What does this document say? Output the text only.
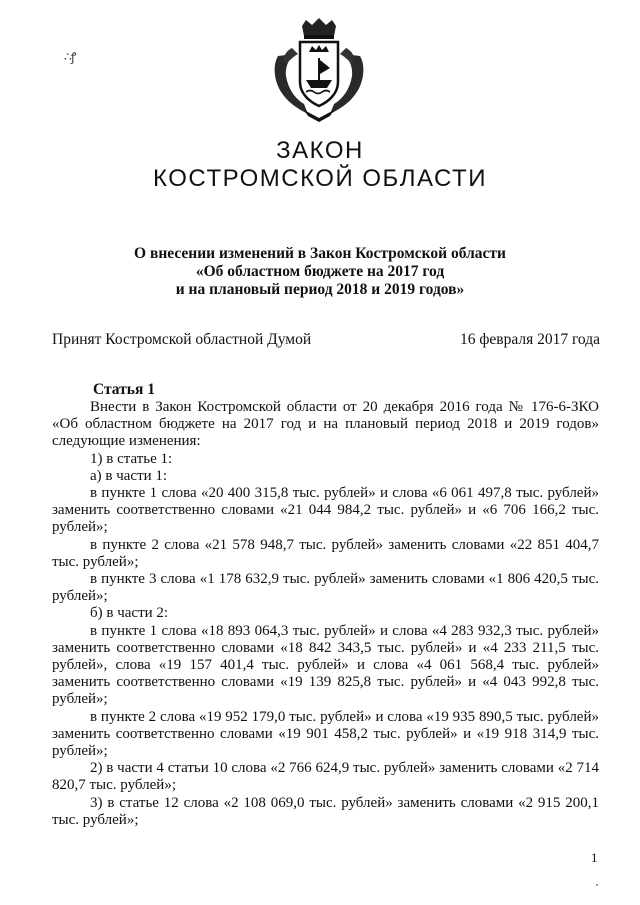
∴ꝭ
ЗАКОН
КОСТРОМСКОЙ ОБЛАСТИ
О внесении изменений в Закон Костромской области
«Об областном бюджете на 2017 год
и на плановый период 2018 и 2019 годов»
Принят Костромской областной Думой	16 февраля 2017 года
Статья 1

Внести в Закон Костромской области от 20 декабря 2016 года № 176-6-ЗКО «Об областном бюджете на 2017 год и на плановый период 2018 и 2019 годов» следующие изменения:

1) в статье 1:

а) в части 1:

в пункте 1 слова «20 400 315,8 тыс. рублей» и слова «6 061 497,8 тыс. рублей» заменить соответственно словами «21 044 984,2 тыс. рублей» и «6 706 166,2 тыс. рублей»;

в пункте 2 слова «21 578 948,7 тыс. рублей» заменить словами «22 851 404,7 тыс. рублей»;

в пункте 3 слова «1 178 632,9 тыс. рублей» заменить словами «1 806 420,5 тыс. рублей»;

б) в части 2:

в пункте 1 слова «18 893 064,3 тыс. рублей» и слова «4 283 932,3 тыс. рублей» заменить соответственно словами «18 842 343,5 тыс. рублей» и «4 233 211,5 тыс. рублей», слова «19 157 401,4 тыс. рублей» и слова «4 061 568,4 тыс. рублей» заменить соответственно словами «19 139 825,8 тыс. рублей» и «4 043 992,8 тыс. рублей»;

в пункте 2 слова «19 952 179,0 тыс. рублей» и слова «19 935 890,5 тыс. рублей» заменить соответственно словами «19 901 458,2 тыс. рублей» и «19 918 314,9 тыс. рублей»;

2) в части 4 статьи 10 слова «2 766 624,9 тыс. рублей» заменить словами «2 714 820,7 тыс. рублей»;

3) в статье 12 слова «2 108 069,0 тыс. рублей» заменить словами «2 915 200,1 тыс. рублей»;

1
